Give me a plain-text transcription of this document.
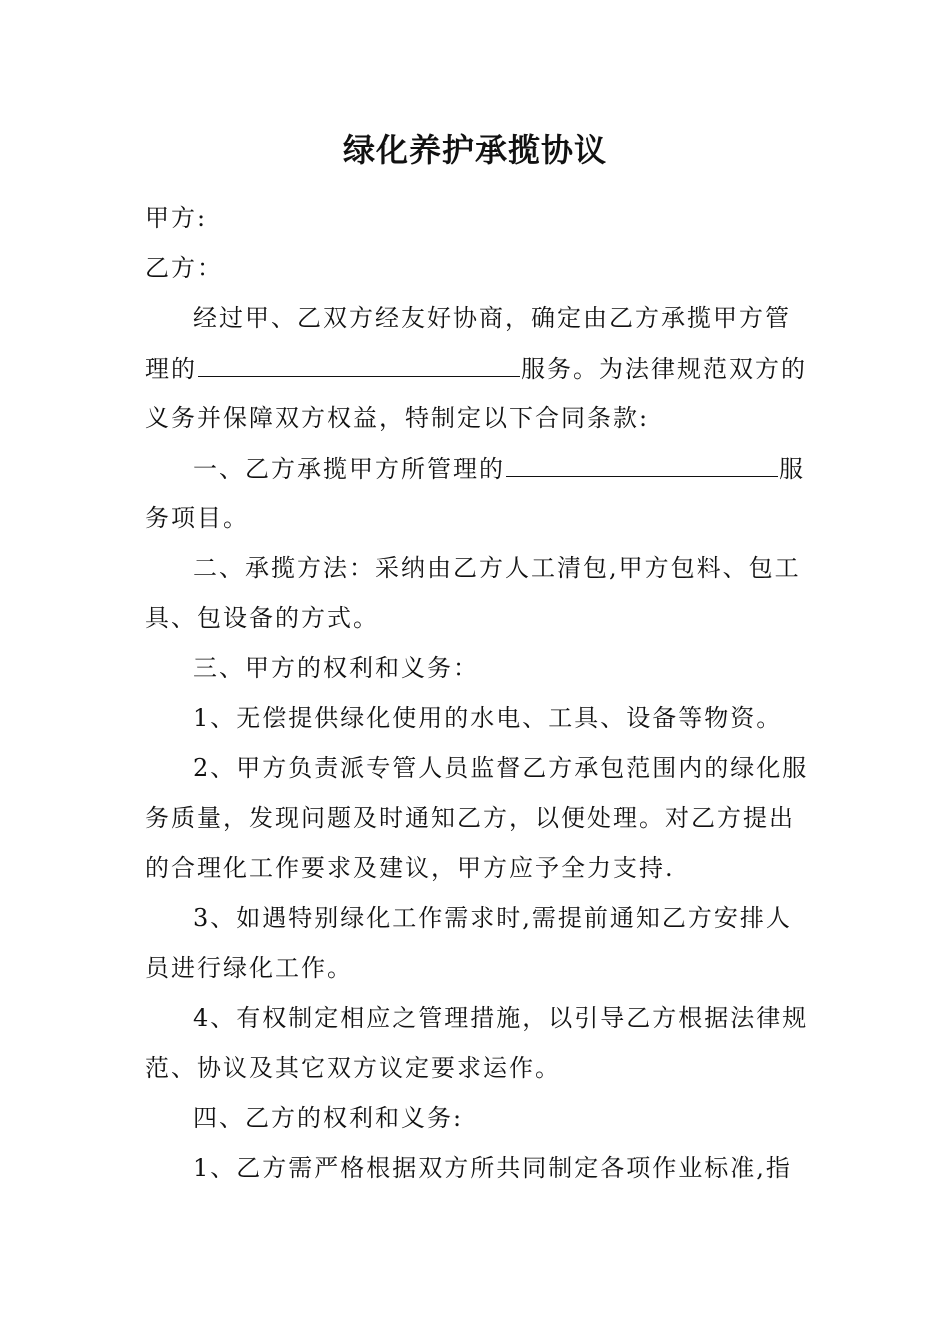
绿化养护承揽协议
甲方:
乙方：
经过甲、乙双方经友好协商，确定由乙方承揽甲方管
理的	服务。为法律规范双方的
义务并保障双方权益，特制定以下合同条款:
一、乙方承揽甲方所管理的	服
务项目。
二、承揽方法：采纳由乙方人工清包,甲方包料、包工
具、包设备的方式。
三、甲方的权利和义务：
1、无偿提供绿化使用的水电、工具、设备等物资。
2、甲方负责派专管人员监督乙方承包范围内的绿化服
务质量，发现问题及时通知乙方，以便处理。对乙方提出
的合理化工作要求及建议，甲方应予全力支持.
3、如遇特别绿化工作需求时,需提前通知乙方安排人
员进行绿化工作。
4、有权制定相应之管理措施，以引导乙方根据法律规
范、协议及其它双方议定要求运作。
四、乙方的权利和义务:
1、乙方需严格根据双方所共同制定各项作业标准,指
